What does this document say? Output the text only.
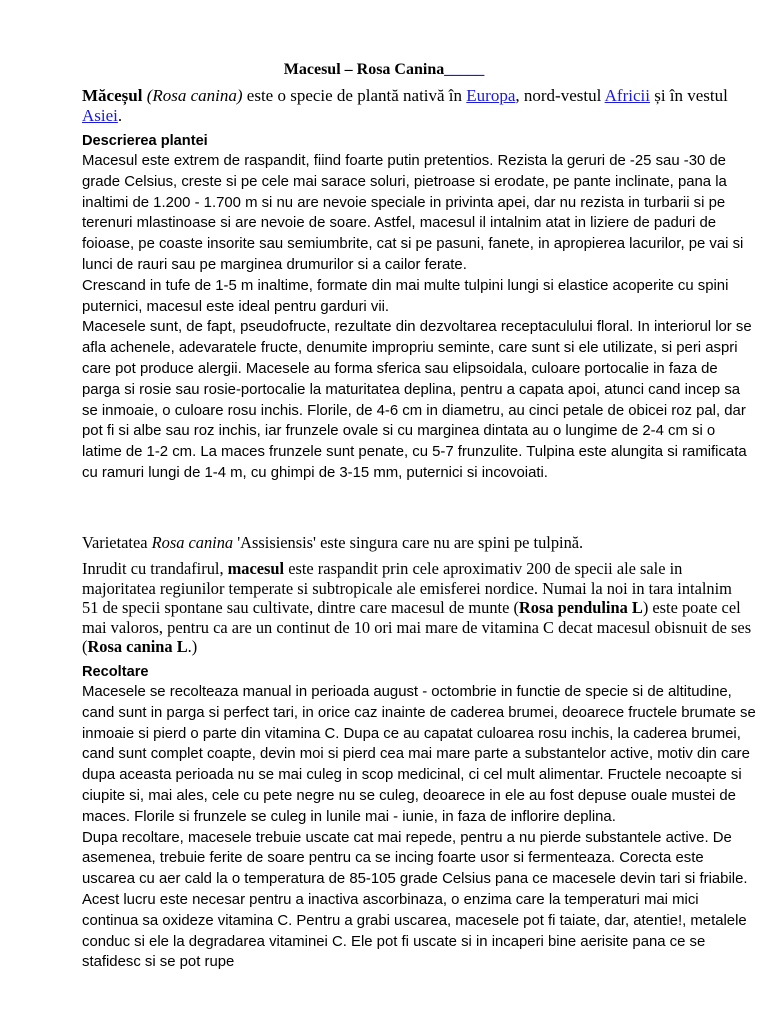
Macesul – Rosa Canina_____
Măceșul (Rosa canina) este o specie de plantă nativă în Europa, nord-vestul Africii și în vestul Asiei.
Descrierea plantei

Macesul este extrem de raspandit, fiind foarte putin pretentios. Rezista la geruri de -25 sau -30 de grade Celsius, creste si pe cele mai sarace soluri, pietroase si erodate, pe pante inclinate, pana la inaltimi de 1.200 - 1.700 m si nu are nevoie speciale in privinta apei, dar nu rezista in turbarii si pe terenuri mlastinoase si are nevoie de soare. Astfel, macesul il intalnim atat in liziere de paduri de foioase, pe coaste insorite sau semiumbrite, cat si pe pasuni, fanete, in apropierea lacurilor, pe vai si lunci de rauri sau pe marginea drumurilor si a cailor ferate.

Crescand in tufe de 1-5 m inaltime, formate din mai multe tulpini lungi si elastice acoperite cu spini puternici, macesul este ideal pentru garduri vii.

Macesele sunt, de fapt, pseudofructe, rezultate din dezvoltarea receptaculului floral. In interiorul lor se afla achenele, adevaratele fructe, denumite impropriu seminte, care sunt si ele utilizate, si peri aspri care pot produce alergii. Macesele au forma sferica sau elipsoidala, culoare portocalie in faza de parga si rosie sau rosie-portocalie la maturitatea deplina, pentru a capata apoi, atunci cand incep sa se inmoaie, o culoare rosu inchis. Florile, de 4-6 cm in diametru, au cinci petale de obicei roz pal, dar pot fi si albe sau roz inchis, iar frunzele ovale si cu marginea dintata au o lungime de 2-4 cm si o latime de 1-2 cm. La maces frunzele sunt penate, cu 5-7 frunzulite. Tulpina este alungita si ramificata cu ramuri lungi de 1-4 m, cu ghimpi de 3-15 mm, puternici si incovoiati.

Varietatea Rosa canina 'Assisiensis' este singura care nu are spini pe tulpină.

Inrudit cu trandafirul, macesul este raspandit prin cele aproximativ 200 de specii ale sale in majoritatea regiunilor temperate si subtropicale ale emisferei nordice. Numai la noi in tara intalnim 51 de specii spontane sau cultivate, dintre care macesul de munte (Rosa pendulina L) este poate cel mai valoros, pentru ca are un continut de 10 ori mai mare de vitamina C decat macesul obisnuit de ses (Rosa canina L.)

Recoltare

Macesele se recolteaza manual in perioada august - octombrie in functie de specie si de altitudine, cand sunt in parga si perfect tari, in orice caz inainte de caderea brumei, deoarece fructele brumate se inmoaie si pierd o parte din vitamina C. Dupa ce au capatat culoarea rosu inchis, la caderea brumei, cand sunt complet coapte, devin moi si pierd cea mai mare parte a substantelor active, motiv din care dupa aceasta perioada nu se mai culeg in scop medicinal, ci cel mult alimentar. Fructele necoapte si ciupite si, mai ales, cele cu pete negre nu se culeg, deoarece in ele au fost depuse ouale mustei de maces. Florile si frunzele se culeg in lunile mai - iunie, in faza de inflorire deplina.

Dupa recoltare, macesele trebuie uscate cat mai repede, pentru a nu pierde substantele active. De asemenea, trebuie ferite de soare pentru ca se incing foarte usor si fermenteaza. Corecta este uscarea cu aer cald la o temperatura de 85-105 grade Celsius pana ce macesele devin tari si friabile. Acest lucru este necesar pentru a inactiva ascorbinaza, o enzima care la temperaturi mai mici continua sa oxideze vitamina C. Pentru a grabi uscarea, macesele pot fi taiate, dar, atentie!, metalele conduc si ele la degradarea vitaminei C. Ele pot fi uscate si in incaperi bine aerisite pana ce se stafidesc si se pot rupe
